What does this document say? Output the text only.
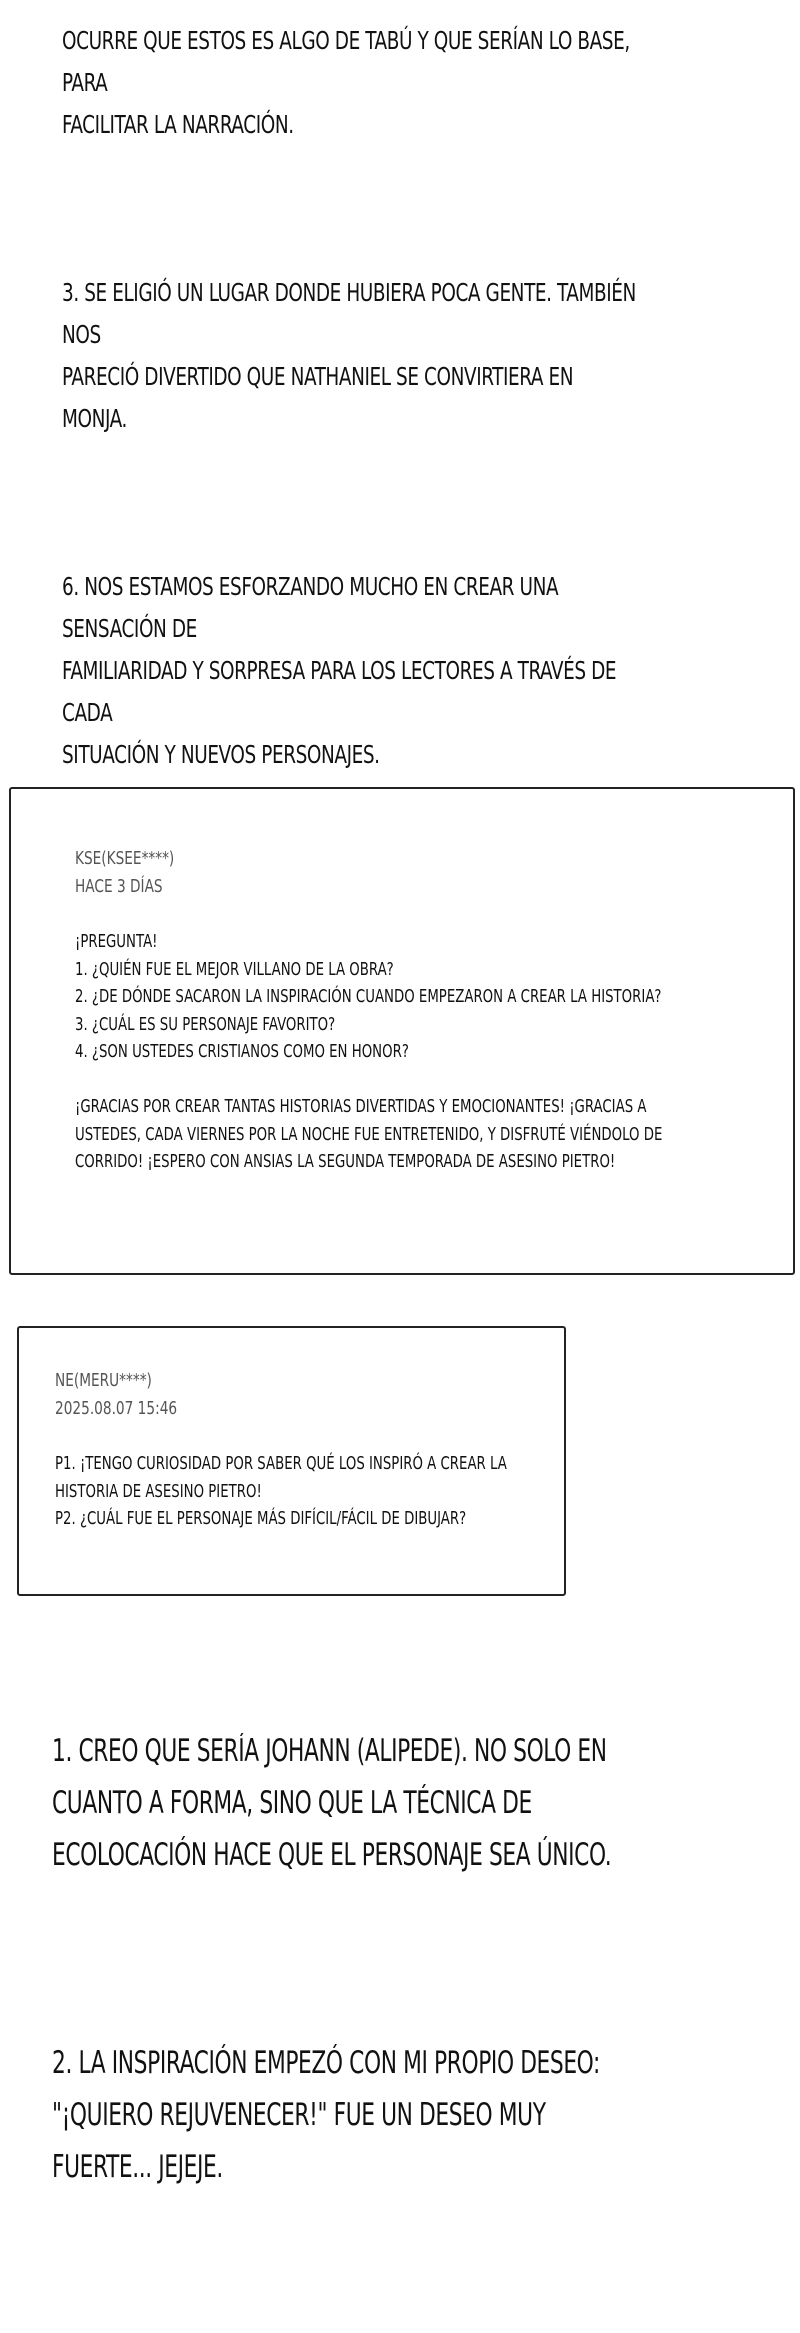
OCURRE QUE ESTOS ES ALGO DE TABÚ Y QUE SERÍAN LO BASE, PARA

FACILITAR LA NARRACIÓN.

3. SE ELIGIÓ UN LUGAR DONDE HUBIERA POCA GENTE. TAMBIÉN NOS
PARECIÓ DIVERTIDO QUE NATHANIEL SE CONVIRTIERA EN MONJA.

6. NOS ESTAMOS ESFORZANDO MUCHO EN CREAR UNA SENSACIÓN DE
FAMILIARIDAD Y SORPRESA PARA LOS LECTORES A TRAVÉS DE CADA
SITUACIÓN Y NUEVOS PERSONAJES.

KSE(KSEE****)
HACE 3 DÍAS
¡PREGUNTA!
1. ¿QUIÉN FUE EL MEJOR VILLANO DE LA OBRA?
2. ¿DE DÓNDE SACARON LA INSPIRACIÓN CUANDO EMPEZARON A CREAR LA HISTORIA?
3. ¿CUÁL ES SU PERSONAJE FAVORITO?
4. ¿SON USTEDES CRISTIANOS COMO EN HONOR?

¡GRACIAS POR CREAR TANTAS HISTORIAS DIVERTIDAS Y EMOCIONANTES! ¡GRACIAS A
USTEDES, CADA VIERNES POR LA NOCHE FUE ENTRETENIDO, Y DISFRUTÉ VIÉNDOLO DE
CORRIDO! ¡ESPERO CON ANSIAS LA SEGUNDA TEMPORADA DE ASESINO PIETRO!
NE(MERU****)
2025.08.07 15:46
P1. ¡TENGO CURIOSIDAD POR SABER QUÉ LOS INSPIRÓ A CREAR LA
HISTORIA DE ASESINO PIETRO!
P2. ¿CUÁL FUE EL PERSONAJE MÁS DIFÍCIL/FÁCIL DE DIBUJAR?

1. CREO QUE SERÍA JOHANN (ALIPEDE). NO SOLO EN
CUANTO A FORMA, SINO QUE LA TÉCNICA DE
ECOLOCACIÓN HACE QUE EL PERSONAJE SEA ÚNICO.

2. LA INSPIRACIÓN EMPEZÓ CON MI PROPIO DESEO:
"¡QUIERO REJUVENECER!" FUE UN DESEO MUY
FUERTE... JEJEJE.
